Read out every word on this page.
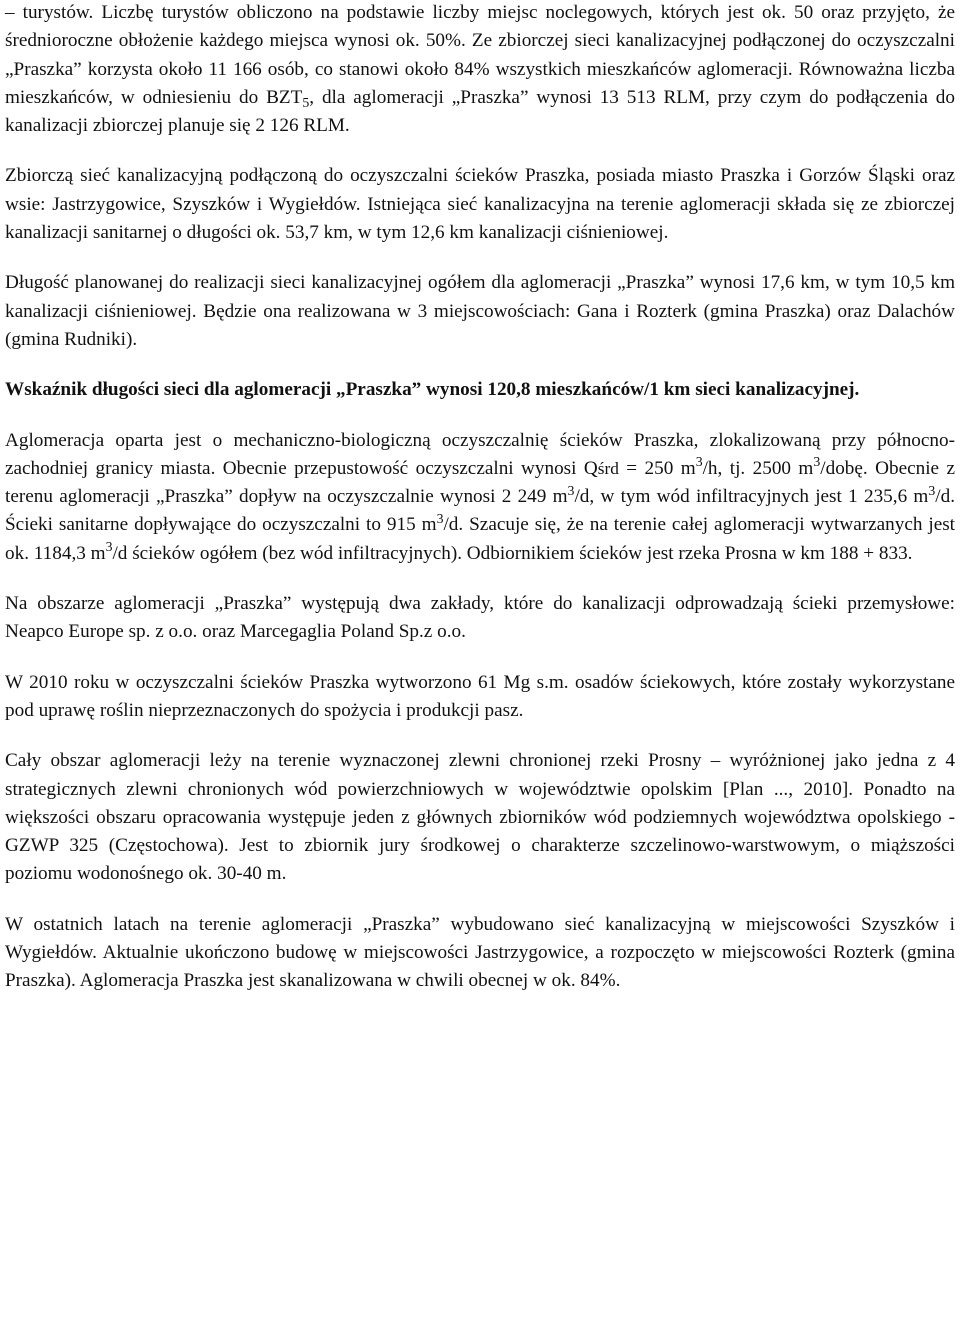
– turystów. Liczbę turystów obliczono na podstawie liczby miejsc noclegowych, których jest ok. 50 oraz przyjęto, że średnioroczne obłożenie każdego miejsca wynosi ok. 50%. Ze zbiorczej sieci kanalizacyjnej podłączonej do oczyszczalni „Praszka” korzysta około 11 166 osób, co stanowi około 84% wszystkich mieszkańców aglomeracji. Równoważna liczba mieszkańców, w odniesieniu do $BZT_5$, dla aglomeracji „Praszka” wynosi 13 513 RLM, przy czym do podłączenia do kanalizacji zbiorczej planuje się 2 126 RLM.

Zbiorczą sieć kanalizacyjną podłączoną do oczyszczalni ścieków Praszka, posiada miasto Praszka i Gorzów Śląski oraz wsie: Jastrzygowice, Szyszków i Wygiełdów. Istniejąca sieć kanalizacyjna na terenie aglomeracji składa się ze zbiorczej kanalizacji sanitarnej o długości ok. 53,7 km, w tym 12,6 km kanalizacji ciśnieniowej.

Długość planowanej do realizacji sieci kanalizacyjnej ogółem dla aglomeracji „Praszka” wynosi 17,6 km, w tym 10,5 km kanalizacji ciśnieniowej. Będzie ona realizowana w 3 miejscowościach: Gana i Rozterk (gmina Praszka) oraz Dalachów (gmina Rudniki).

Wskaźnik długości sieci dla aglomeracji „Praszka” wynosi 120,8 mieszkańców/1 km sieci kanalizacyjnej.

Aglomeracja oparta jest o mechaniczno-biologiczną oczyszczalnię ścieków Praszka, zlokalizowaną przy północno-zachodniej granicy miasta. Obecnie przepustowość oczyszczalni wynosi Qśrd = 250 $m^3/h$, tj. 2500 $m^3$/dobę. Obecnie z terenu aglomeracji „Praszka” dopływ na oczyszczalnie wynosi 2 249 $m^3/d$, w tym wód infiltracyjnych jest 1 235,6 $m^3/d$. Ścieki sanitarne dopływające do oczyszczalni to 915 $m^3/d$. Szacuje się, że na terenie całej aglomeracji wytwarzanych jest ok. 1184,3 $m^3/d$ ścieków ogółem (bez wód infiltracyjnych). Odbiornikiem ścieków jest rzeka Prosna w km 188 + 833.

Na obszarze aglomeracji „Praszka” występują dwa zakłady, które do kanalizacji odprowadzają ścieki przemysłowe: Neapco Europe sp. z o.o. oraz Marcegaglia Poland Sp.z o.o.

W 2010 roku w oczyszczalni ścieków Praszka wytworzono 61 Mg s.m. osadów ściekowych, które zostały wykorzystane pod uprawę roślin nieprzeznaczonych do spożycia i produkcji pasz.

Cały obszar aglomeracji leży na terenie wyznaczonej zlewni chronionej rzeki Prosny – wyróżnionej jako jedna z 4 strategicznych zlewni chronionych wód powierzchniowych w województwie opolskim [Plan ..., 2010]. Ponadto na większości obszaru opracowania występuje jeden z głównych zbiorników wód podziemnych województwa opolskiego - GZWP 325 (Częstochowa). Jest to zbiornik jury środkowej o charakterze szczelinowo-warstwowym, o miąższości poziomu wodonośnego ok. 30-40 m.

W ostatnich latach na terenie aglomeracji „Praszka” wybudowano sieć kanalizacyjną w miejscowości Szyszków i Wygiełdów. Aktualnie ukończono budowę w miejscowości Jastrzygowice, a rozpoczęto w miejscowości Rozterk (gmina Praszka). Aglomeracja Praszka jest skanalizowana w chwili obecnej w ok. 84%.
